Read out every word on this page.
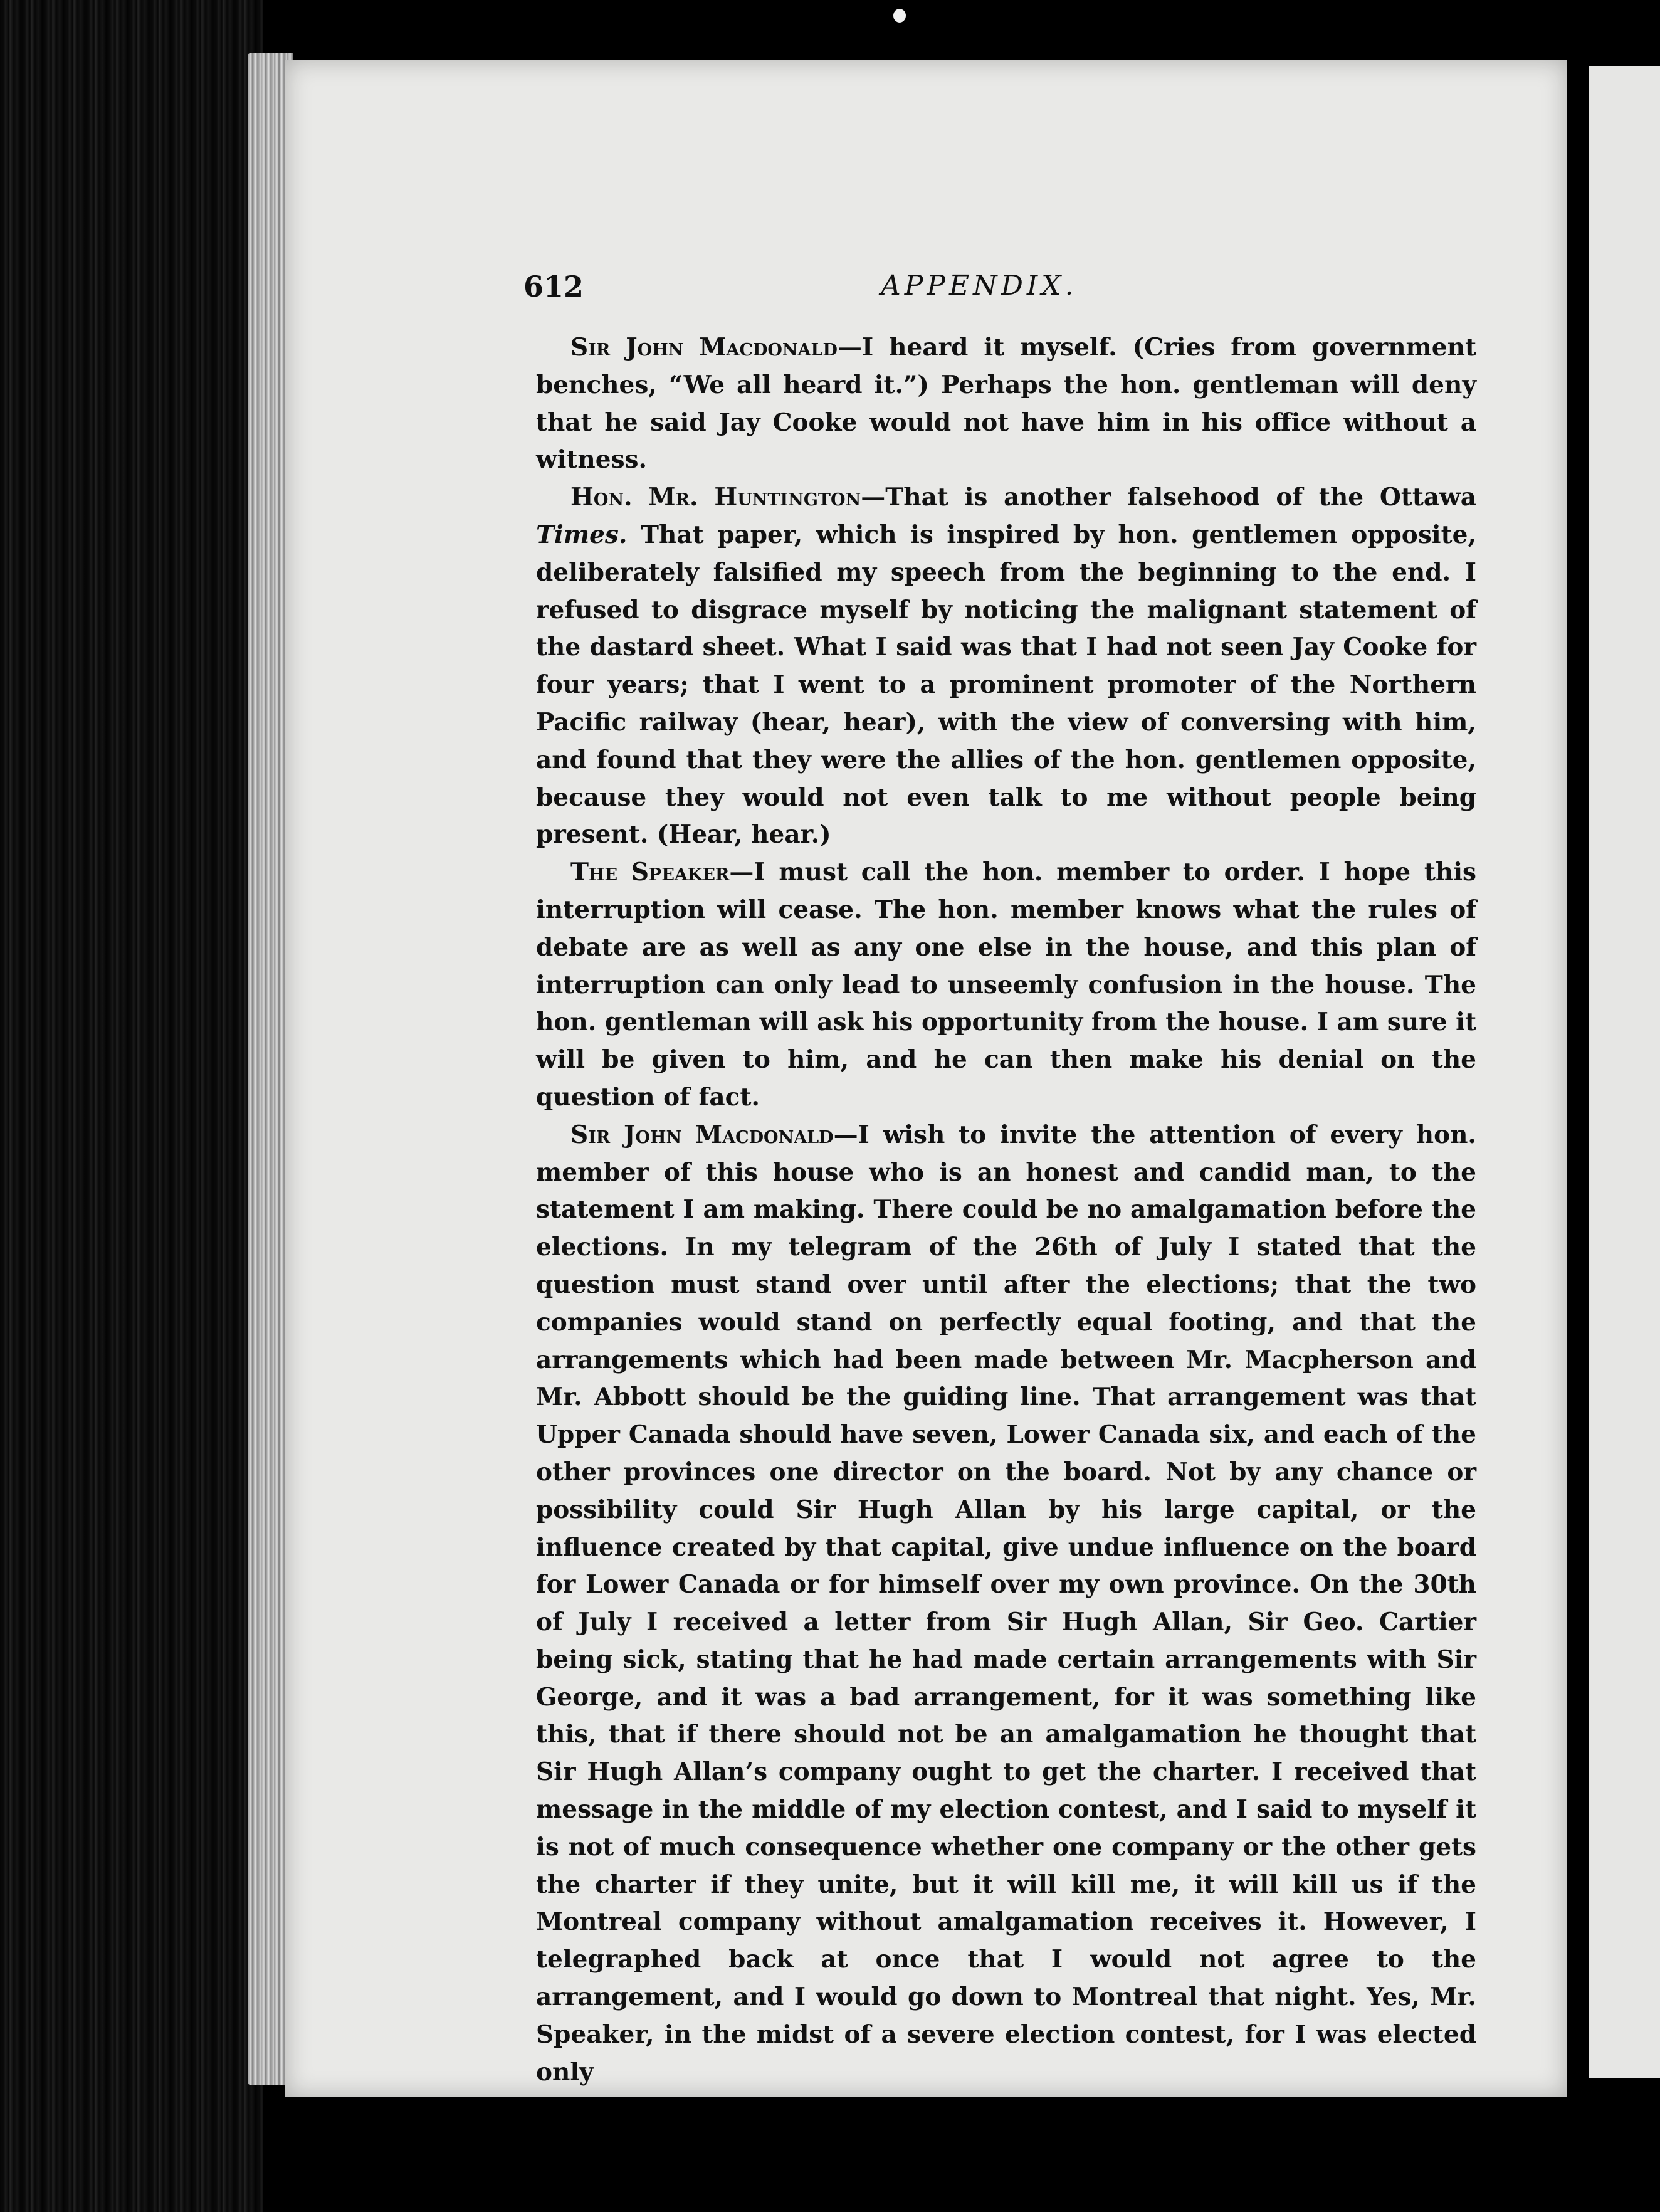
612	APPENDIX.

Sir John Macdonald—I heard it myself. (Cries from government benches, “We all heard it.”) Perhaps the hon. gentleman will deny that he said Jay Cooke would not have him in his office without a witness.

Hon. Mr. Huntington—That is another falsehood of the Ottawa Times. That paper, which is inspired by hon. gentlemen opposite, deliberately falsified my speech from the beginning to the end. I refused to disgrace myself by noticing the malignant statement of the dastard sheet. What I said was that I had not seen Jay Cooke for four years; that I went to a prominent promoter of the Northern Pacific railway (hear, hear), with the view of conversing with him, and found that they were the allies of the hon. gentlemen opposite, because they would not even talk to me without people being present. (Hear, hear.)

The Speaker—I must call the hon. member to order. I hope this interruption will cease. The hon. member knows what the rules of debate are as well as any one else in the house, and this plan of interruption can only lead to unseemly confusion in the house. The hon. gentleman will ask his opportunity from the house. I am sure it will be given to him, and he can then make his denial on the question of fact.

Sir John Macdonald—I wish to invite the attention of every hon. member of this house who is an honest and candid man, to the statement I am making. There could be no amalgamation before the elections. In my telegram of the 26th of July I stated that the question must stand over until after the elections; that the two companies would stand on perfectly equal footing, and that the arrangements which had been made between Mr. Macpherson and Mr. Abbott should be the guiding line. That arrangement was that Upper Canada should have seven, Lower Canada six, and each of the other provinces one director on the board. Not by any chance or possibility could Sir Hugh Allan by his large capital, or the influence created by that capital, give undue influence on the board for Lower Canada or for himself over my own province. On the 30th of July I received a letter from Sir Hugh Allan, Sir Geo. Cartier being sick, stating that he had made certain arrangements with Sir George, and it was a bad arrangement, for it was something like this, that if there should not be an amalgamation he thought that Sir Hugh Allan’s company ought to get the charter. I received that message in the middle of my election contest, and I said to myself it is not of much consequence whether one company or the other gets the charter if they unite, but it will kill me, it will kill us if the Montreal company without amalgamation receives it. However, I telegraphed back at once that I would not agree to the arrangement, and I would go down to Montreal that night. Yes, Mr. Speaker, in the midst of a severe election contest, for I was elected only
